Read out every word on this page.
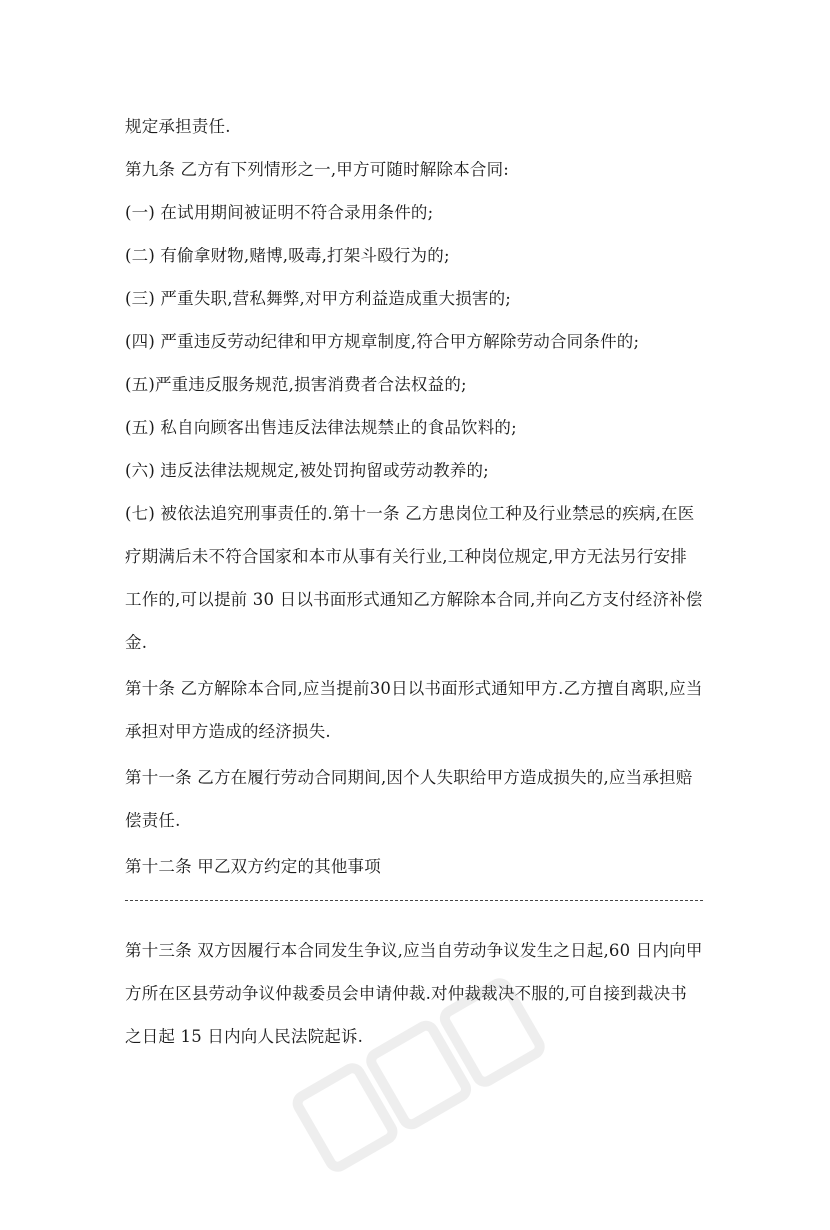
规定承担责任.
第九条 乙方有下列情形之一,甲方可随时解除本合同:
(一) 在试用期间被证明不符合录用条件的;
(二) 有偷拿财物,赌博,吸毒,打架斗殴行为的;
(三) 严重失职,营私舞弊,对甲方利益造成重大损害的;
(四) 严重违反劳动纪律和甲方规章制度,符合甲方解除劳动合同条件的;
(五)严重违反服务规范,损害消费者合法权益的;
(五) 私自向顾客出售违反法律法规禁止的食品饮料的;
(六) 违反法律法规规定,被处罚拘留或劳动教养的;
(七) 被依法追究刑事责任的.第十一条 乙方患岗位工种及行业禁忌的疾病,在医
疗期满后未不符合国家和本市从事有关行业,工种岗位规定,甲方无法另行安排
工作的,可以提前 30 日以书面形式通知乙方解除本合同,并向乙方支付经济补偿
金.
第十条 乙方解除本合同,应当提前30日以书面形式通知甲方.乙方擅自离职,应当
承担对甲方造成的经济损失.
第十一条 乙方在履行劳动合同期间,因个人失职给甲方造成损失的,应当承担赔
偿责任.
第十二条 甲乙双方约定的其他事项
第十三条 双方因履行本合同发生争议,应当自劳动争议发生之日起,60 日内向甲
方所在区县劳动争议仲裁委员会申请仲裁.对仲裁裁决不服的,可自接到裁决书
之日起 15 日内向人民法院起诉.
